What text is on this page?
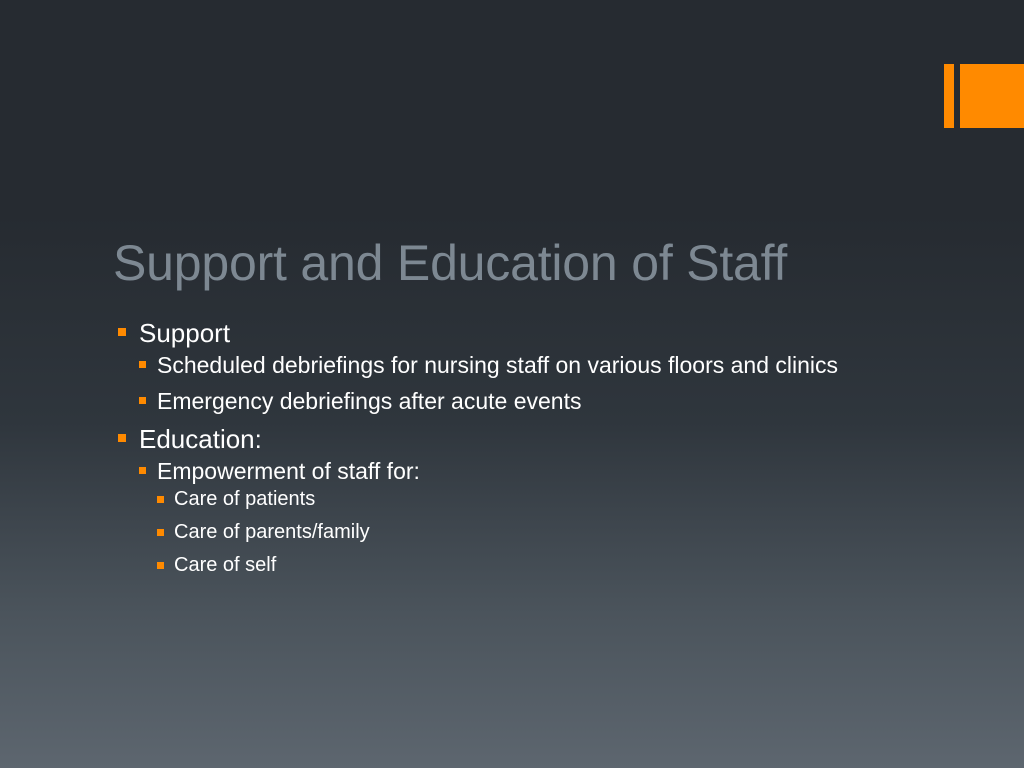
Support and Education of Staff
Support
Scheduled debriefings for nursing staff on various floors and clinics
Emergency debriefings after acute events
Education:
Empowerment of staff for:
Care of patients
Care of parents/family
Care of self
